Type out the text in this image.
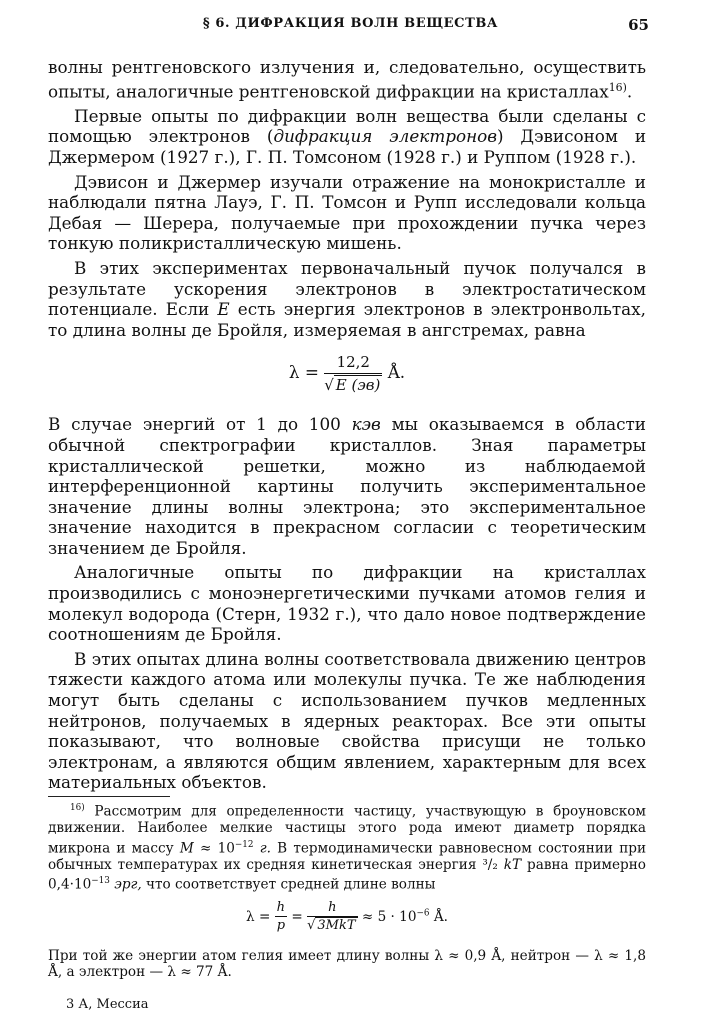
§ 6. ДИФРАКЦИЯ ВОЛН ВЕЩЕСТВА	65

волны рентгеновского излучения и, следовательно, осуществить опыты, аналогичные рентгеновской дифракции на кристаллах$^{16)}$.

Первые опыты по дифракции волн вещества были сделаны с помощью электронов (дифракция электронов) Дэвисоном и Джермером (1927 г.), Г. П. Томсоном (1928 г.) и Руппом (1928 г.).

Дэвисон и Джермер изучали отражение на монокристалле и наблюдали пятна Лауэ, Г. П. Томсон и Рупп исследовали кольца Дебая — Шерера, получаемые при прохождении пучка через тонкую поликристаллическую мишень.

В этих экспериментах первоначальный пучок получался в результате ускорения электронов в электростатическом потенциале. Если E есть энергия электронов в электронвольтах, то длина волны де Бройля, измеряемая в ангстремах, равна

$\lambda = \frac{12,2}{√ E (эв)}$ Å.

В случае энергий от 1 до 100 кэв мы оказываемся в области обычной спектрографии кристаллов. Зная параметры кристаллической решетки, можно из наблюдаемой интерференционной картины получить экспериментальное значение длины волны электрона; это экспериментальное значение находится в прекрасном согласии с теоретическим значением де Бройля.

Аналогичные опыты по дифракции на кристаллах производились с моноэнергетическими пучками атомов гелия и молекул водорода (Стерн, 1932 г.), что дало новое подтверждение соотношениям де Бройля.

В этих опытах длина волны соответствовала движению центров тяжести каждого атома или молекулы пучка. Те же наблюдения могут быть сделаны с использованием пучков медленных нейтронов, получаемых в ядерных реакторах. Все эти опыты показывают, что волновые свойства присущи не только электронам, а являются общим явлением, характерным для всех материальных объектов.

$^{16)}$ Рассмотрим для определенности частицу, участвующую в броуновском движении. Наиболее мелкие частицы этого рода имеют диаметр порядка микрона и массу $M \approx 10^{-12}$ г. В термодинамически равновесном состоянии при обычных температурах их средняя кинетическая энергия ³/₂ kT равна примерно $0,4\cdot 10^{-13}$ эрг, что соответствует средней длине волны

$\lambda = \frac{h}{p} = \frac{h}{\text{√ 3MkT}} \approx 5 \cdot 10^{-6}$ Å.

При той же энергии атом гелия имеет длину волны λ ≈ 0,9 Å, нейтрон — λ ≈ 1,8 Å, а электрон — λ ≈ 77 Å.

3 А, Мессиа
